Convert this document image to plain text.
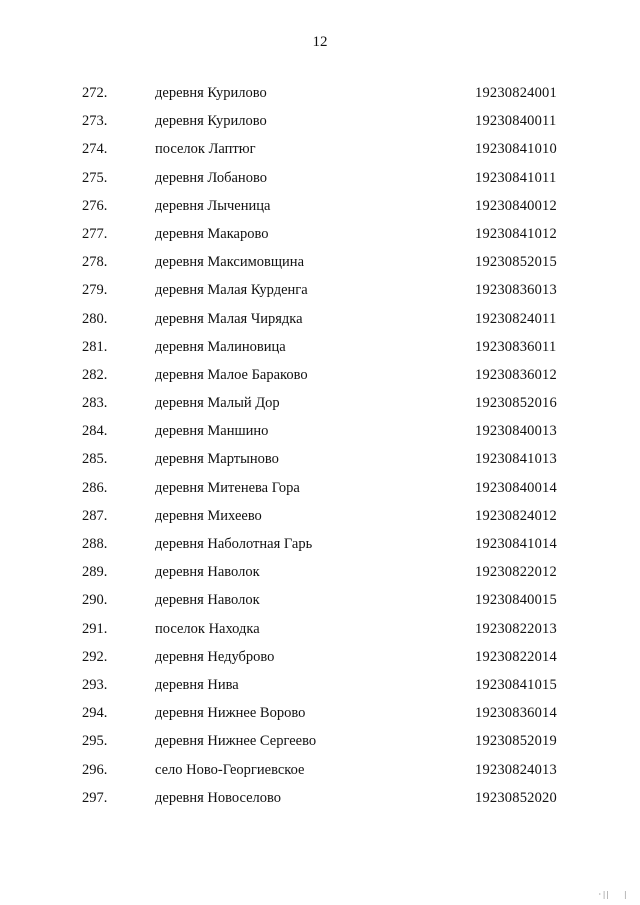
12
272.	деревня Курилово	19230824001
273.	деревня Курилово	19230840011
274.	поселок Лаптюг	19230841010
275.	деревня Лобаново	19230841011
276.	деревня Лыченица	19230840012
277.	деревня Макарово	19230841012
278.	деревня Максимовщина	19230852015
279.	деревня Малая Курденга	19230836013
280.	деревня Малая Чирядка	19230824011
281.	деревня Малиновица	19230836011
282.	деревня Малое Бараково	19230836012
283.	деревня Малый Дор	19230852016
284.	деревня Маншино	19230840013
285.	деревня Мартыново	19230841013
286.	деревня Митенева Гора	19230840014
287.	деревня Михеево	19230824012
288.	деревня Наболотная Гарь	19230841014
289.	деревня Наволок	19230822012
290.	деревня Наволок	19230840015
291.	поселок Находка	19230822013
292.	деревня Недуброво	19230822014
293.	деревня Нива	19230841015
294.	деревня Нижнее Ворово	19230836014
295.	деревня Нижнее Сергеево	19230852019
296.	село Ново-Георгиевское	19230824013
297.	деревня Новоселово	19230852020
· | |        |
